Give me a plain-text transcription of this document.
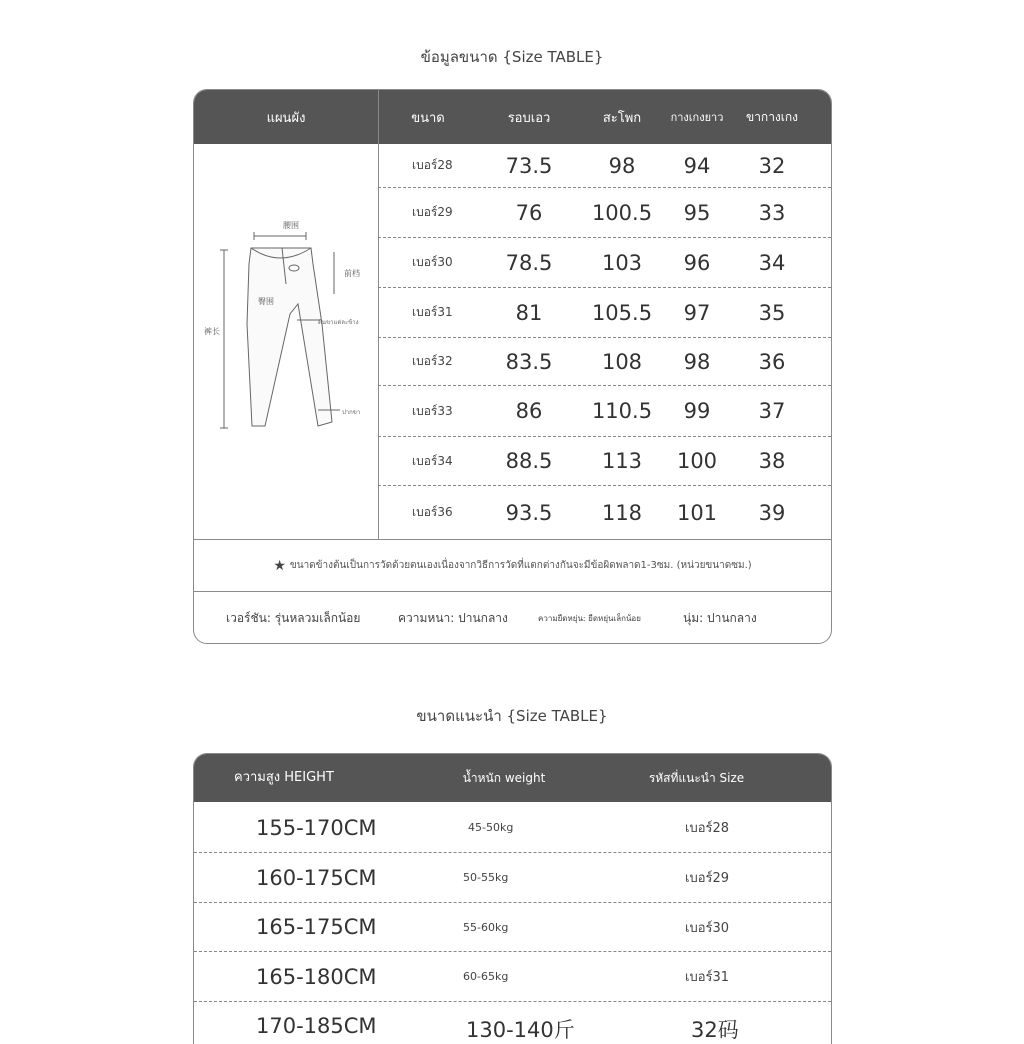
ข้อมูลขนาด {Size TABLE}
แผนผัง	ขนาด	รอบเอว	สะโพก	กางเกงยาว	ขากางเกง
腰围
前档
臀围
裤长
ต้นขาแต่ละข้าง
ปากขา
เบอร์28	73.5	98	94	32
เบอร์29	76	100.5	95	33
เบอร์30	78.5	103	96	34
เบอร์31	81	105.5	97	35
เบอร์32	83.5	108	98	36
เบอร์33	86	110.5	99	37
เบอร์34	88.5	113	100	38
เบอร์36	93.5	118	101	39
★ ขนาดข้างต้นเป็นการวัดด้วยตนเองเนื่องจากวิธีการวัดที่แตกต่างกันจะมีข้อผิดพลาด1-3ซม. (หน่วยขนาดซม.)
เวอร์ชัน: รุ่นหลวมเล็กน้อย	ความหนา: ปานกลาง	ความยืดหยุ่น: ยืดหยุ่นเล็กน้อย	นุ่ม: ปานกลาง
ขนาดแนะนำ {Size TABLE}
ความสูง HEIGHT	น้ำหนัก weight	รหัสที่แนะนำ Size
155-170CM	45-50kg	เบอร์28
160-175CM	50-55kg	เบอร์29
165-175CM	55-60kg	เบอร์30
165-180CM	60-65kg	เบอร์31
170-185CM	130-140斤	32码
